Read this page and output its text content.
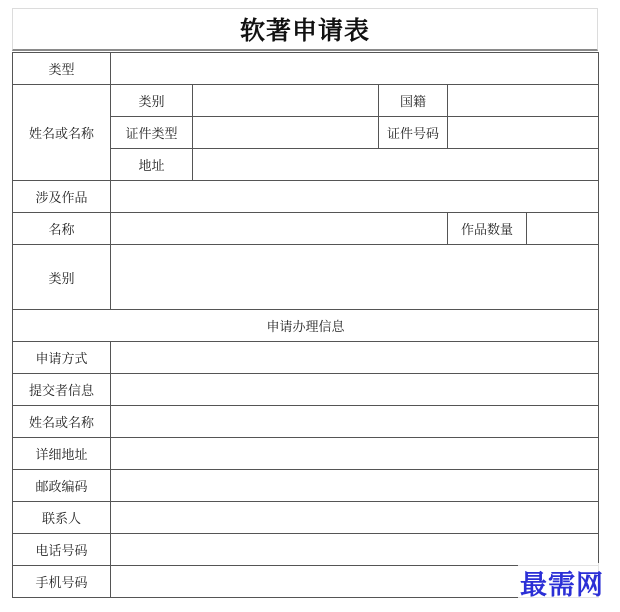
软著申请表
类型					
姓名或名称	类别		国籍		
	证件类型		证件号码		
	地址				
涉及作品					
名称				作品数量	
类别					
申请办理信息					
申请方式					
提交者信息					
姓名或名称					
详细地址					
邮政编码					
联系人					
电话号码					
手机号码						最需网
